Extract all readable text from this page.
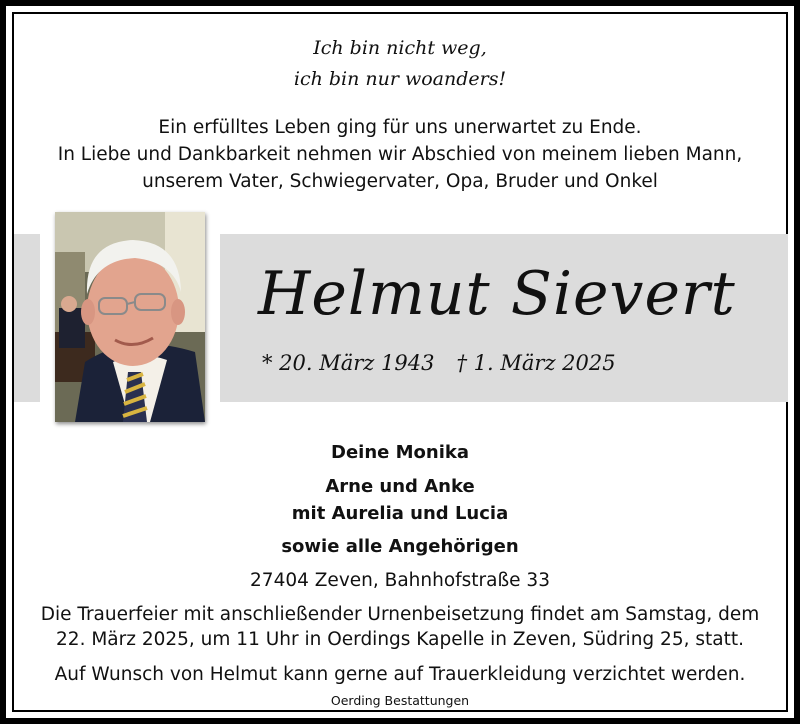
Ich bin nicht weg,
ich bin nur woanders!
Ein erfülltes Leben ging für uns unerwartet zu Ende.
In Liebe und Dankbarkeit nehmen wir Abschied von meinem lieben Mann,
unserem Vater, Schwiegervater, Opa, Bruder und Onkel
Helmut Sievert
* 20. März 1943 † 1. März 2025
Deine Monika
Arne und Anke
mit Aurelia und Lucia
sowie alle Angehörigen
27404 Zeven, Bahnhofstraße 33
Die Trauerfeier mit anschließender Urnenbeisetzung findet am Samstag, dem
22. März 2025, um 11 Uhr in Oerdings Kapelle in Zeven, Südring 25, statt.
Auf Wunsch von Helmut kann gerne auf Trauerkleidung verzichtet werden.
Oerding Bestattungen
